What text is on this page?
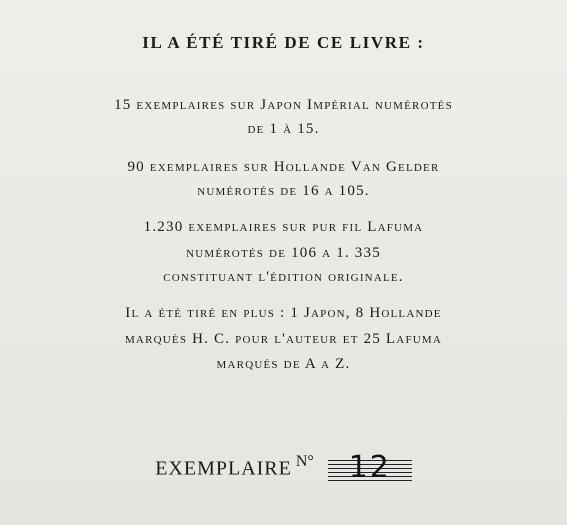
IL A ÉTÉ TIRÉ DE CE LIVRE :
15 exemplaires sur Japon Impérial numérotés
de 1 à 15.
90 exemplaires sur Hollande Van Gelder
numérotés de 16 a 105.
1.230 exemplaires sur pur fil Lafuma
numérotés de 106 a 1. 335
constituant l'édition originale.
Il a été tiré en plus : 1 Japon, 8 Hollande
marqués H. C. pour l'auteur et 25 Lafuma
marqués de A a Z.
EXEMPLAIRE N°	12
